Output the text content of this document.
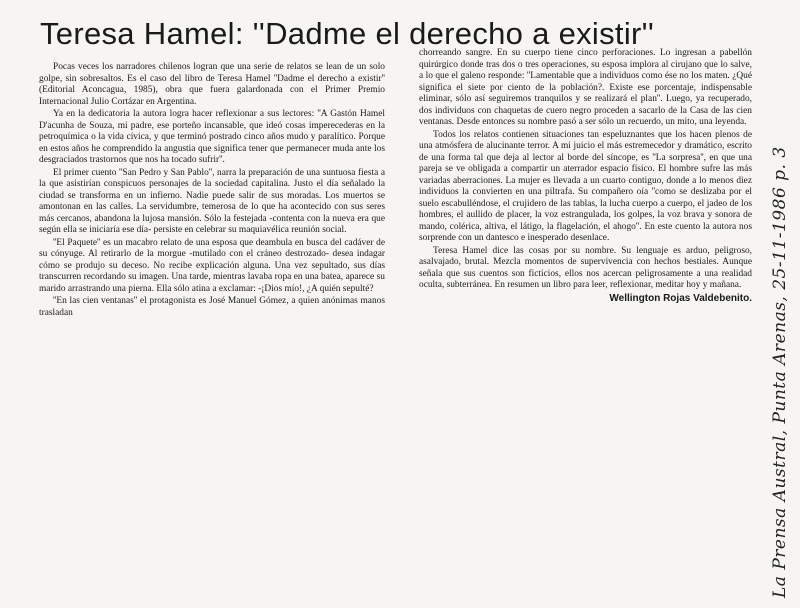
Teresa Hamel: ''Dadme el derecho a existir''

Pocas veces los narradores chilenos logran que una serie de relatos se lean de un solo golpe, sin sobresaltos. Es el caso del libro de Teresa Hamel ''Dadme el derecho a existir'' (Editorial Aconcagua, 1985), obra que fuera galardonada con el Primer Premio Internacional Julio Cortázar en Argentina.

Ya en la dedicatoria la autora logra hacer reflexionar a sus lectores: ''A Gastón Hamel D'acunha de Souza, mi padre, ese porteño incansable, que ideó cosas imperecederas en la petroquímica o la vida cívica, y que terminó postrado cinco años mudo y paralítico. Porque en estos años he comprendido la angustia que significa tener que permanecer muda ante los desgraciados trastornos que nos ha tocado sufrir''.

El primer cuento ''San Pedro y San Pablo'', narra la preparación de una suntuosa fiesta a la que asistirían conspicuos personajes de la sociedad capitalina. Justo el día señalado la ciudad se transforma en un infierno. Nadie puede salir de sus moradas. Los muertos se amontonan en las calles. La servidumbre, temerosa de lo que ha acontecido con sus seres más cercanos, abandona la lujosa mansión. Sólo la festejada -contenta con la nueva era que según ella se iniciaría ese día- persiste en celebrar su maquiavélica reunión social.

''El Paquete'' es un macabro relato de una esposa que deambula en busca del cadáver de su cónyuge. Al retirarlo de la morgue -mutilado con el cráneo destrozado- desea indagar cómo se produjo su deceso. No recibe explicación alguna. Una vez sepultado, sus días transcurren recordando su imagen. Una tarde, mientras lavaba ropa en una batea, aparece su marido arrastrando una pierna. Ella sólo atina a exclamar: -¡Dios mío!, ¿A quién sepulté?

''En las cien ventanas'' el protagonista es José Manuel Gómez, a quien anónimas manos trasladan

chorreando sangre. En su cuerpo tiene cinco perforaciones. Lo ingresan a pabellón quirúrgico donde tras dos o tres operaciones, su esposa implora al cirujano que lo salve, a lo que el galeno responde: ''Lamentable que a individuos como ése no los maten. ¿Qué significa el siete por ciento de la población?. Existe ese porcentaje, indispensable eliminar, sólo así seguiremos tranquilos y se realizará el plan''. Luego, ya recuperado, dos individuos con chaquetas de cuero negro proceden a sacarlo de la Casa de las cien ventanas. Desde entonces su nombre pasó a ser sólo un recuerdo, un mito, una leyenda.

Todos los relatos contienen situaciones tan espeluznantes que los hacen plenos de una atmósfera de alucinante terror. A mi juicio el más estremecedor y dramático, escrito de una forma tal que deja al lector al borde del síncope, es ''La sorpresa'', en que una pareja se ve obligada a compartir un aterrador espacio físico. El hombre sufre las más variadas aberraciones. La mujer es llevada a un cuarto contiguo, donde a lo menos diez individuos la convierten en una piltrafa. Su compañero oía ''como se deslizaba por el suelo escabulléndose, el crujidero de las tablas, la lucha cuerpo a cuerpo, el jadeo de los hombres, el aullido de placer, la voz estrangulada, los golpes, la voz brava y sonora de mando, colérica, altiva, el látigo, la flagelación, el ahogo''. En este cuento la autora nos sorprende con un dantesco e inesperado desenlace.

Teresa Hamel dice las cosas por su nombre. Su lenguaje es arduo, peligroso, asalvajado, brutal. Mezcla momentos de supervivencia con hechos bestiales. Aunque señala que sus cuentos son ficticios, ellos nos acercan peligrosamente a una realidad oculta, subterránea. En resumen un libro para leer, reflexionar, meditar hoy y mañana.

Wellington Rojas Valdebenito. La Prensa Austral, Punta Arenas, 25-11-1986 p. 3
